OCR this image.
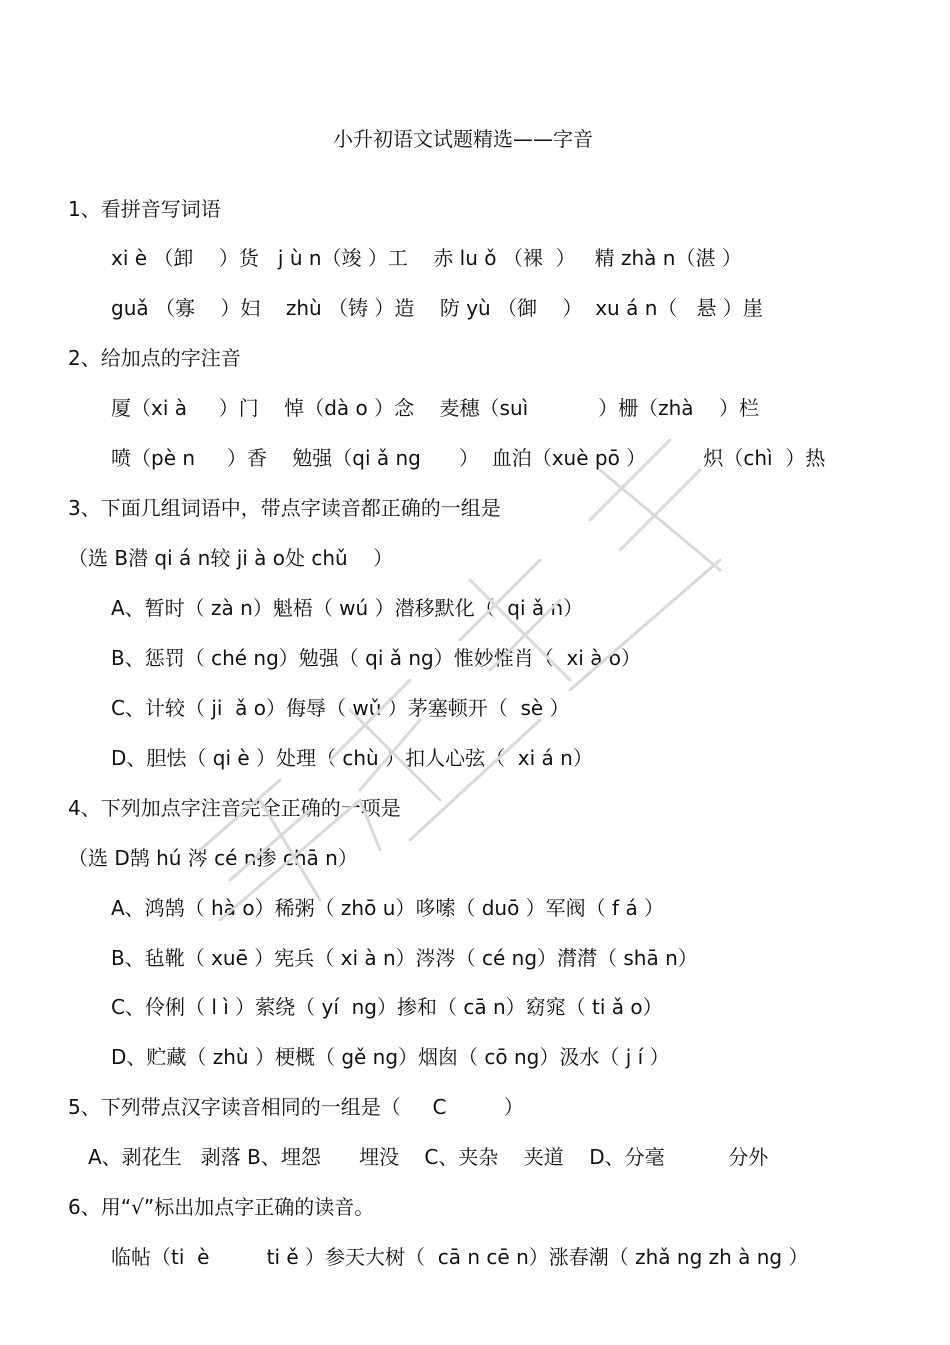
小升初语文试题精选——字音
1、看拼音写词语
xi è （卸    ）货   j ù n（竣 ）工    赤 lu ǒ （裸  ）   精 zhà n（湛 ）
guǎ （寡    ）妇    zhù （铸 ）造    防 yù （御    ）  xu á n（   悬 ）崖
2、给加点的字注音
厦（xi à     ）门    悼（dà o ）念    麦穗（suì           ）栅（zhà    ）栏
喷（pè n     ）香    勉强（qi ǎ ng      ）  血泊（xuè pō ）         炽（chì  ）热
3、下面几组词语中，带点字读音都正确的一组是
（选 B潜 qi á n较 ji à o处 chǔ    ）
A、暂时（ zà n）魁梧（ wú ）潜移默化（  qi ǎ n）
B、惩罚（ ché ng）勉强（ qi ǎ ng）惟妙惟肖（  xi à o）
C、计较（ ji  ǎ o）侮辱（ wǔ ）茅塞顿开（  sè ）
D、胆怯（ qi è ）处理（ chù ）扣人心弦（  xi á n）
4、下列加点字注音完全正确的一项是
（选 D鹄 hú 涔 cé n掺 chā n）
A、鸿鹄（ hà o）稀粥（ zhō u）哆嗦（ duō ）军阀（ f á ）
B、毡靴（ xuē ）宪兵（ xi à n）涔涔（ cé ng）潸潸（ shā n）
C、伶俐（ l ì ）萦绕（ yí  ng）掺和（ cā n）窈窕（ ti ǎ o）
D、贮藏（ zhù ）梗概（ gě ng）烟囱（ cō ng）汲水（ j í ）
5、下列带点汉字读音相同的一组是（     C         ）
A、剥花生   剥落 B、埋怨      埋没    C、夹杂    夹道    D、分毫          分外
6、用“√”标出加点字正确的读音。
临帖（ti  è         ti ě ）参天大树（  cā n cē n）涨春潮（ zhǎ ng zh à ng ）
